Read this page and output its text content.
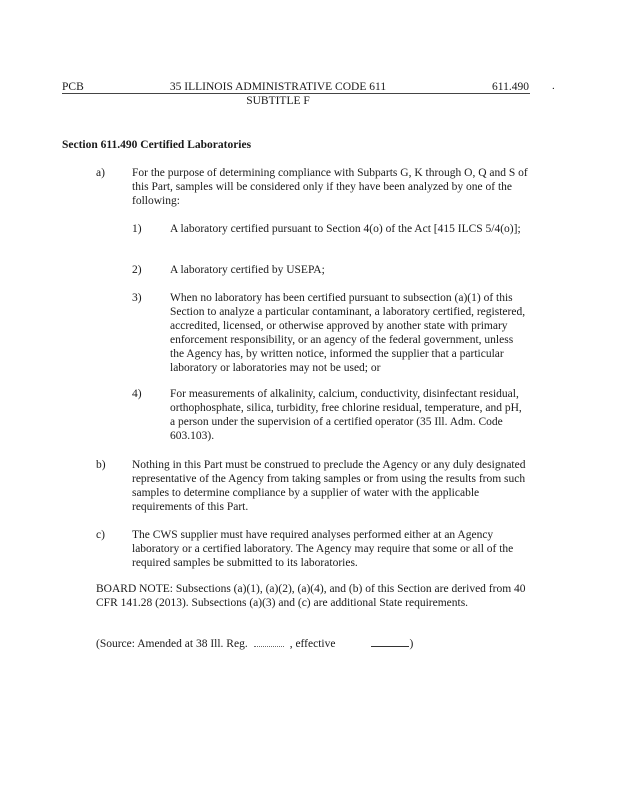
PCB	35 ILLINOIS ADMINISTRATIVE CODE 611
SUBTITLE F
611.490 .
Section 611.490 Certified Laboratories
a) For the purpose of determining compliance with Subparts G, K through O, Q and S of this Part, samples will be considered only if they have been analyzed by one of the following:
1) A laboratory certified pursuant to Section 4(o) of the Act [415 ILCS 5/4(o)];
2) A laboratory certified by USEPA;
3) When no laboratory has been certified pursuant to subsection (a)(1) of this Section to analyze a particular contaminant, a laboratory certified, registered, accredited, licensed, or otherwise approved by another state with primary enforcement responsibility, or an agency of the federal government, unless the Agency has, by written notice, informed the supplier that a particular laboratory or laboratories may not be used; or
4) For measurements of alkalinity, calcium, conductivity, disinfectant residual, orthophosphate, silica, turbidity, free chlorine residual, temperature, and pH, a person under the supervision of a certified operator (35 Ill. Adm. Code 603.103).
b) Nothing in this Part must be construed to preclude the Agency or any duly designated representative of the Agency from taking samples or from using the results from such samples to determine compliance by a supplier of water with the applicable requirements of this Part.
c) The CWS supplier must have required analyses performed either at an Agency laboratory or a certified laboratory. The Agency may require that some or all of the required samples be submitted to its laboratories.
BOARD NOTE: Subsections (a)(1), (a)(2), (a)(4), and (b) of this Section are derived from 40 CFR 141.28 (2013). Subsections (a)(3) and (c) are additional State requirements.
(Source: Amended at 38 Ill. Reg.	, effective	)
